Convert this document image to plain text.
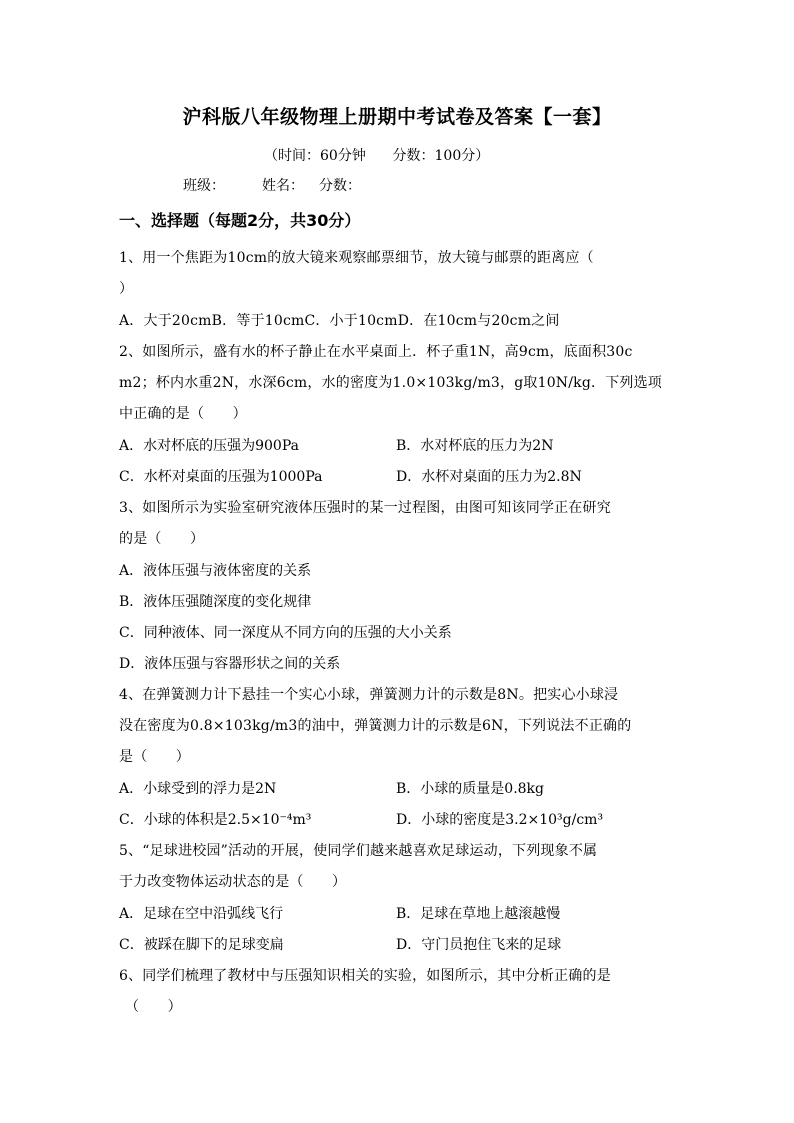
沪科版八年级物理上册期中考试卷及答案【一套】
（时间：60分钟      分数：100分）
班级：	姓名： 分数：
一、选择题（每题2分，共30分）
1、用一个焦距为10cm的放大镜来观察邮票细节，放大镜与邮票的距离应（
）
A．大于20cmB．等于10cmC．小于10cmD．在10cm与20cm之间
2、如图所示，盛有水的杯子静止在水平桌面上．杯子重1N，高9cm，底面积30c
m2；杯内水重2N，水深6cm，水的密度为1.0×103kg/m3，g取10N/kg．下列选项
中正确的是（　　）
A．水对杯底的压强为900Pa	B．水对杯底的压力为2N
C．水杯对桌面的压强为1000Pa	D．水杯对桌面的压力为2.8N
3、如图所示为实验室研究液体压强时的某一过程图，由图可知该同学正在研究
的是（　　）
A．液体压强与液体密度的关系
B．液体压强随深度的变化规律
C．同种液体、同一深度从不同方向的压强的大小关系
D．液体压强与容器形状之间的关系
4、在弹簧测力计下悬挂一个实心小球，弹簧测力计的示数是8N。把实心小球浸
没在密度为0.8×103kg/m3的油中，弹簧测力计的示数是6N，下列说法不正确的
是（　　）
A．小球受到的浮力是2N	B．小球的质量是0.8kg
C．小球的体积是2.5×10⁻⁴m³	D．小球的密度是3.2×10³g/cm³
5、“足球进校园”活动的开展，使同学们越来越喜欢足球运动，下列现象不属
于力改变物体运动状态的是（　　）
A．足球在空中沿弧线飞行	B．足球在草地上越滚越慢
C．被踩在脚下的足球变扁	D．守门员抱住飞来的足球
6、同学们梳理了教材中与压强知识相关的实验，如图所示，其中分析正确的是
（　　）
